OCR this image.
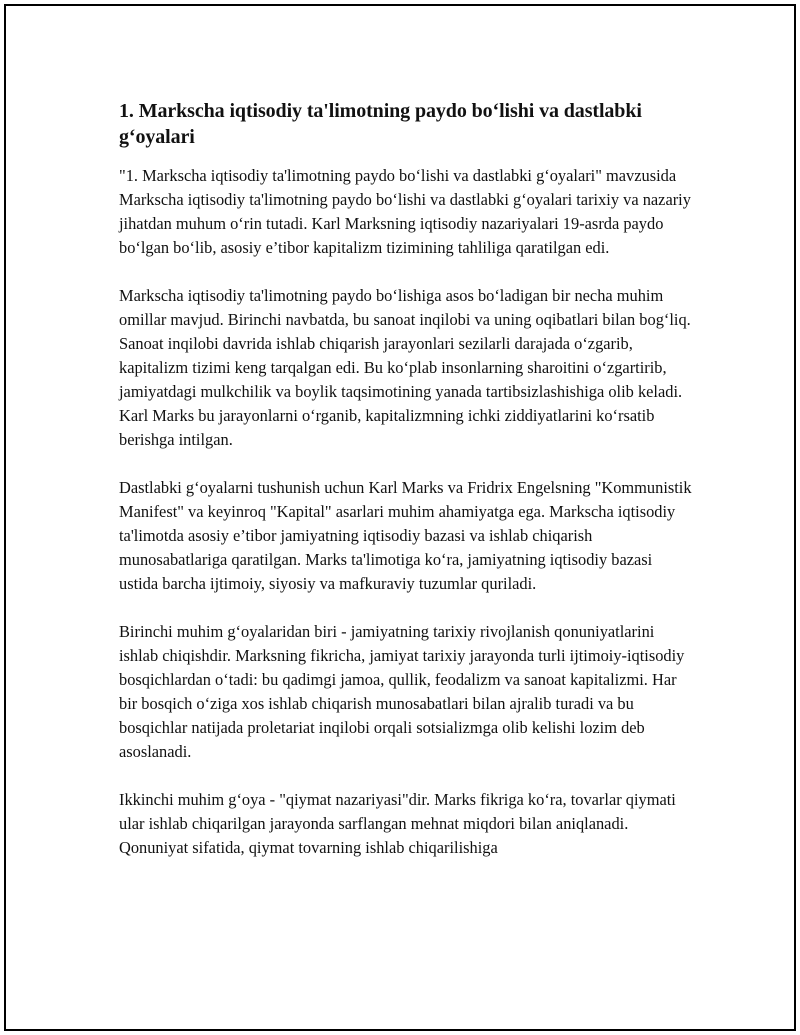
1. Markscha iqtisodiy ta'limotning paydo bo‘lishi va dastlabki g‘oyalari

"1. Markscha iqtisodiy ta'limotning paydo bo‘lishi va dastlabki g‘oyalari" mavzusida Markscha iqtisodiy ta'limotning paydo bo‘lishi va dastlabki g‘oyalari tarixiy va nazariy jihatdan muhum o‘rin tutadi. Karl Marksning iqtisodiy nazariyalari 19-asrda paydo bo‘lgan bo‘lib, asosiy e’tibor kapitalizm tizimining tahliliga qaratilgan edi.

Markscha iqtisodiy ta'limotning paydo bo‘lishiga asos bo‘ladigan bir necha muhim omillar mavjud. Birinchi navbatda, bu sanoat inqilobi va uning oqibatlari bilan bog‘liq. Sanoat inqilobi davrida ishlab chiqarish jarayonlari sezilarli darajada o‘zgarib, kapitalizm tizimi keng tarqalgan edi. Bu ko‘plab insonlarning sharoitini o‘zgartirib, jamiyatdagi mulkchilik va boylik taqsimotining yanada tartibsizlashishiga olib keladi. Karl Marks bu jarayonlarni o‘rganib, kapitalizmning ichki ziddiyatlarini ko‘rsatib berishga intilgan.

Dastlabki g‘oyalarni tushunish uchun Karl Marks va Fridrix Engelsning "Kommunistik Manifest" va keyinroq "Kapital" asarlari muhim ahamiyatga ega. Markscha iqtisodiy ta'limotda asosiy e’tibor jamiyatning iqtisodiy bazasi va ishlab chiqarish munosabatlariga qaratilgan. Marks ta'limotiga ko‘ra, jamiyatning iqtisodiy bazasi ustida barcha ijtimoiy, siyosiy va mafkuraviy tuzumlar quriladi.

Birinchi muhim g‘oyalaridan biri - jamiyatning tarixiy rivojlanish qonuniyatlarini ishlab chiqishdir. Marksning fikricha, jamiyat tarixiy jarayonda turli ijtimoiy-iqtisodiy bosqichlardan o‘tadi: bu qadimgi jamoa, qullik, feodalizm va sanoat kapitalizmi. Har bir bosqich o‘ziga xos ishlab chiqarish munosabatlari bilan ajralib turadi va bu bosqichlar natijada proletariat inqilobi orqali sotsializmga olib kelishi lozim deb asoslanadi.

Ikkinchi muhim g‘oya - "qiymat nazariyasi"dir. Marks fikriga ko‘ra, tovarlar qiymati ular ishlab chiqarilgan jarayonda sarflangan mehnat miqdori bilan aniqlanadi. Qonuniyat sifatida, qiymat tovarning ishlab chiqarilishiga
